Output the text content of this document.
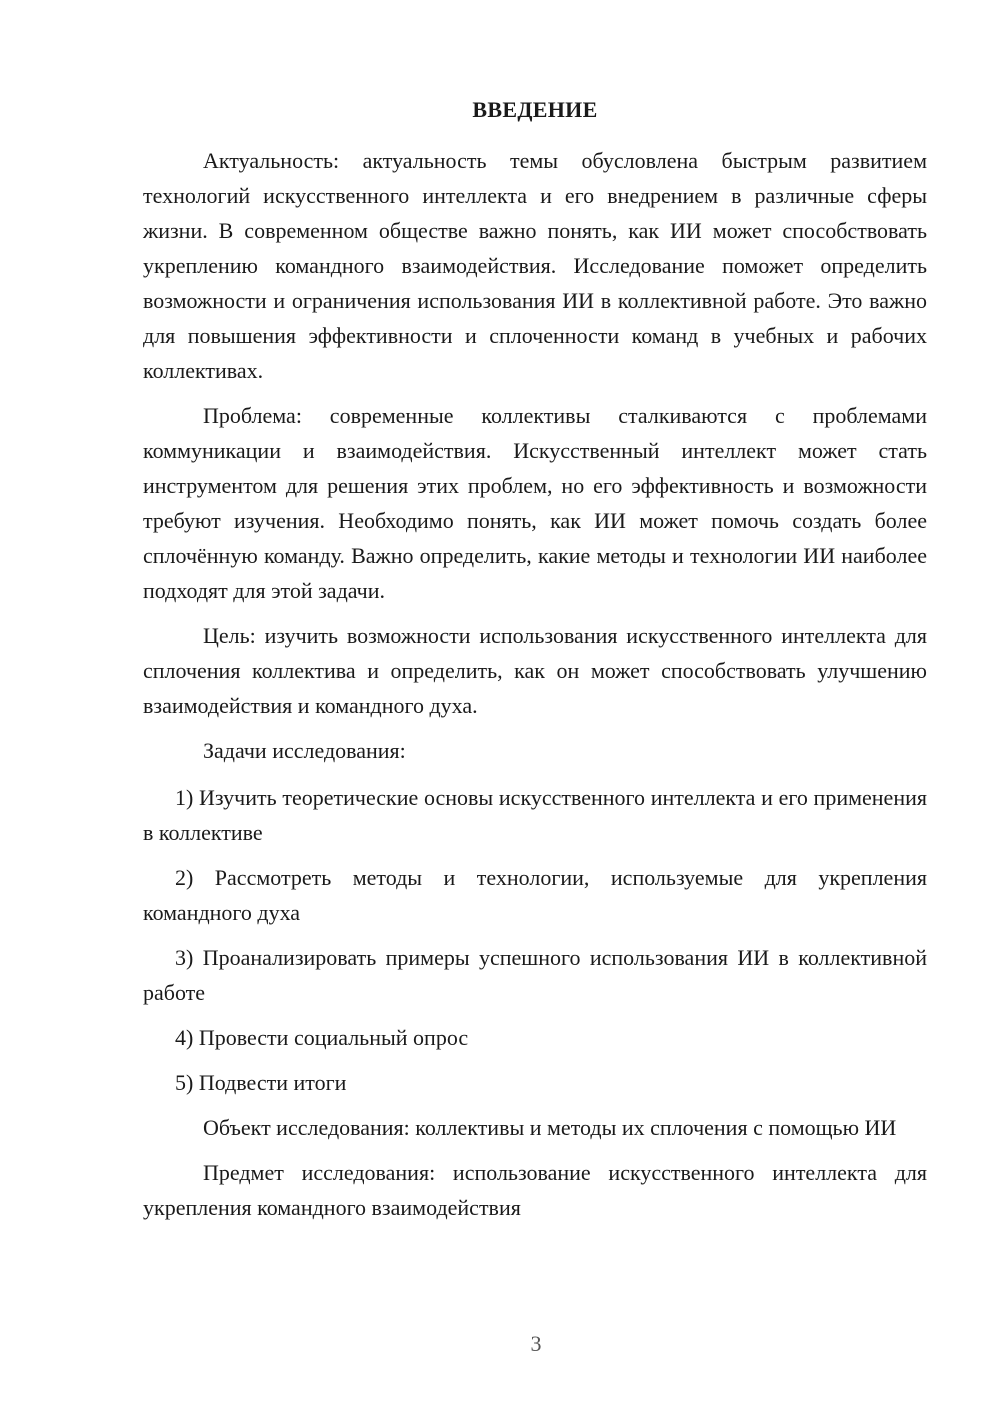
ВВЕДЕНИЕ

Актуальность: актуальность темы обусловлена быстрым развитием технологий искусственного интеллекта и его внедрением в различные сферы жизни. В современном обществе важно понять, как ИИ может способствовать укреплению командного взаимодействия. Исследование поможет определить возможности и ограничения использования ИИ в коллективной работе. Это важно для повышения эффективности и сплоченности команд в учебных и рабочих коллективах.

Проблема: современные коллективы сталкиваются с проблемами коммуникации и взаимодействия. Искусственный интеллект может стать инструментом для решения этих проблем, но его эффективность и возможности требуют изучения. Необходимо понять, как ИИ может помочь создать более сплочённую команду. Важно определить, какие методы и технологии ИИ наиболее подходят для этой задачи.

Цель: изучить возможности использования искусственного интеллекта для сплочения коллектива и определить, как он может способствовать улучшению взаимодействия и командного духа.

Задачи исследования:

1) Изучить теоретические основы искусственного интеллекта и его применения в коллективе

2) Рассмотреть методы и технологии, используемые для укрепления командного духа

3) Проанализировать примеры успешного использования ИИ в коллективной работе

4) Провести социальный опрос

5) Подвести итоги

Объект исследования: коллективы и методы их сплочения с помощью ИИ

Предмет исследования: использование искусственного интеллекта для укрепления командного взаимодействия

3
